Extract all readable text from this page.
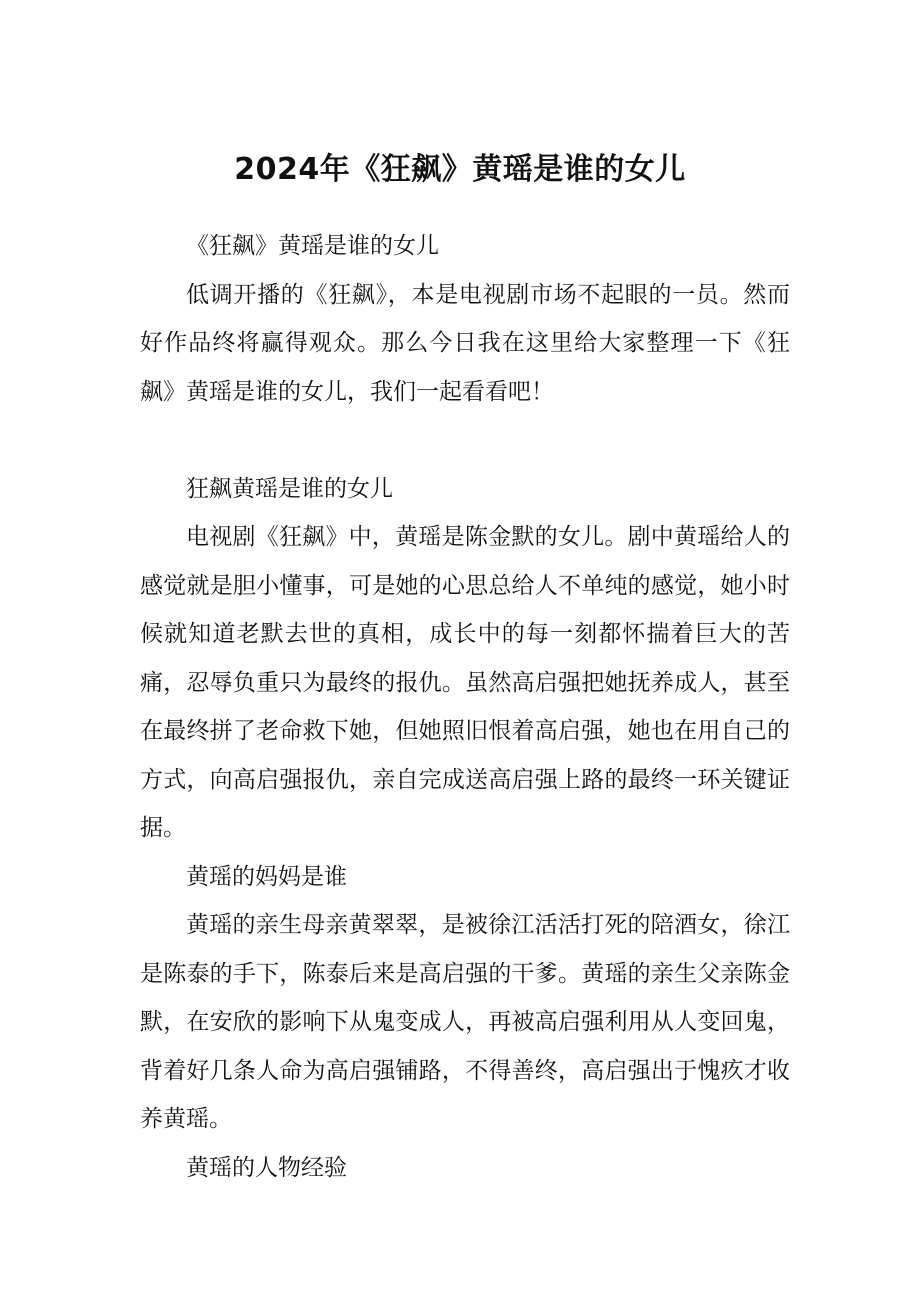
2024年《狂飙》黄瑶是谁的女儿

《狂飙》黄瑶是谁的女儿

低调开播的《狂飙》，本是电视剧市场不起眼的一员。然而好作品终将赢得观众。那么今日我在这里给大家整理一下《狂飙》黄瑶是谁的女儿，我们一起看看吧！

狂飙黄瑶是谁的女儿

电视剧《狂飙》中，黄瑶是陈金默的女儿。剧中黄瑶给人的感觉就是胆小懂事，可是她的心思总给人不单纯的感觉，她小时候就知道老默去世的真相，成长中的每一刻都怀揣着巨大的苦痛，忍辱负重只为最终的报仇。虽然高启强把她抚养成人，甚至在最终拼了老命救下她，但她照旧恨着高启强，她也在用自己的方式，向高启强报仇，亲自完成送高启强上路的最终一环关键证据。

黄瑶的妈妈是谁

黄瑶的亲生母亲黄翠翠，是被徐江活活打死的陪酒女，徐江是陈泰的手下，陈泰后来是高启强的干爹。黄瑶的亲生父亲陈金默，在安欣的影响下从鬼变成人，再被高启强利用从人变回鬼，背着好几条人命为高启强铺路，不得善终，高启强出于愧疚才收养黄瑶。

黄瑶的人物经验
